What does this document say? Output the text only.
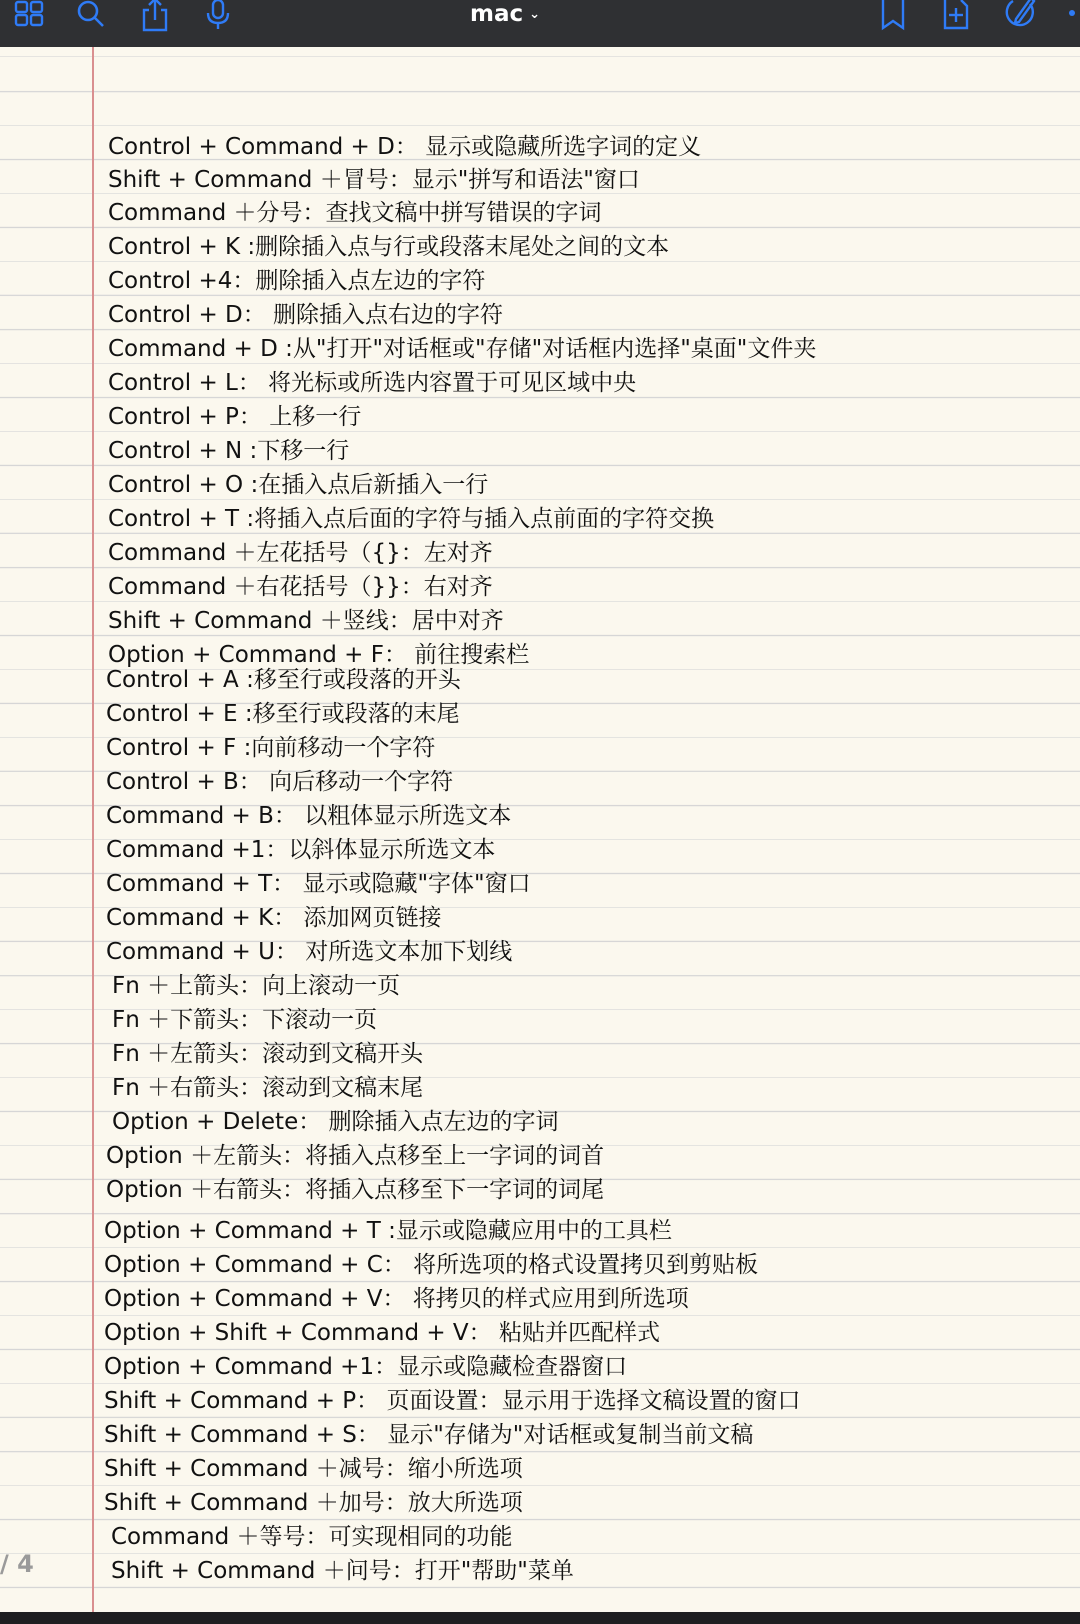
mac ⌄
Control + Command + D： 显示或隐藏所选字词的定义
Shift + Command ＋冒号：显示"拼写和语法"窗口
Command ＋分号：查找文稿中拼写错误的字词
Control + K :删除插入点与行或段落末尾处之间的文本
Control +4：删除插入点左边的字符
Control + D： 删除插入点右边的字符
Command + D :从"打开"对话框或"存储"对话框内选择"桌面"文件夹
Control + L： 将光标或所选内容置于可见区域中央
Control + P： 上移一行
Control + N :下移一行
Control + O :在插入点后新插入一行
Control + T :将插入点后面的字符与插入点前面的字符交换
Command ＋左花括号（{}：左对齐
Command ＋右花括号（}}：右对齐
Shift + Command ＋竖线：居中对齐
Option + Command + F： 前往搜索栏
Control + A :移至行或段落的开头
Control + E :移至行或段落的末尾
Control + F :向前移动一个字符
Control + B： 向后移动一个字符
Command + B： 以粗体显示所选文本
Command +1：以斜体显示所选文本
Command + T： 显示或隐藏"字体"窗口
Command + K： 添加网页链接
Command + U： 对所选文本加下划线
Fn ＋上箭头：向上滚动一页
Fn ＋下箭头：下滚动一页
Fn ＋左箭头：滚动到文稿开头
Fn ＋右箭头：滚动到文稿末尾
Option + Delete： 删除插入点左边的字词
Option ＋左箭头：将插入点移至上一字词的词首
Option ＋右箭头：将插入点移至下一字词的词尾
Option + Command + T :显示或隐藏应用中的工具栏
Option + Command + C： 将所选项的格式设置拷贝到剪贴板
Option + Command + V： 将拷贝的样式应用到所选项
Option + Shift + Command + V： 粘贴并匹配样式
Option + Command +1：显示或隐藏检查器窗口
Shift + Command + P： 页面设置：显示用于选择文稿设置的窗口
Shift + Command + S： 显示"存储为"对话框或复制当前文稿
Shift + Command ＋减号：缩小所选项
Shift + Command ＋加号：放大所选项
Command ＋等号：可实现相同的功能
Shift + Command ＋问号：打开"帮助"菜单
/ 4
